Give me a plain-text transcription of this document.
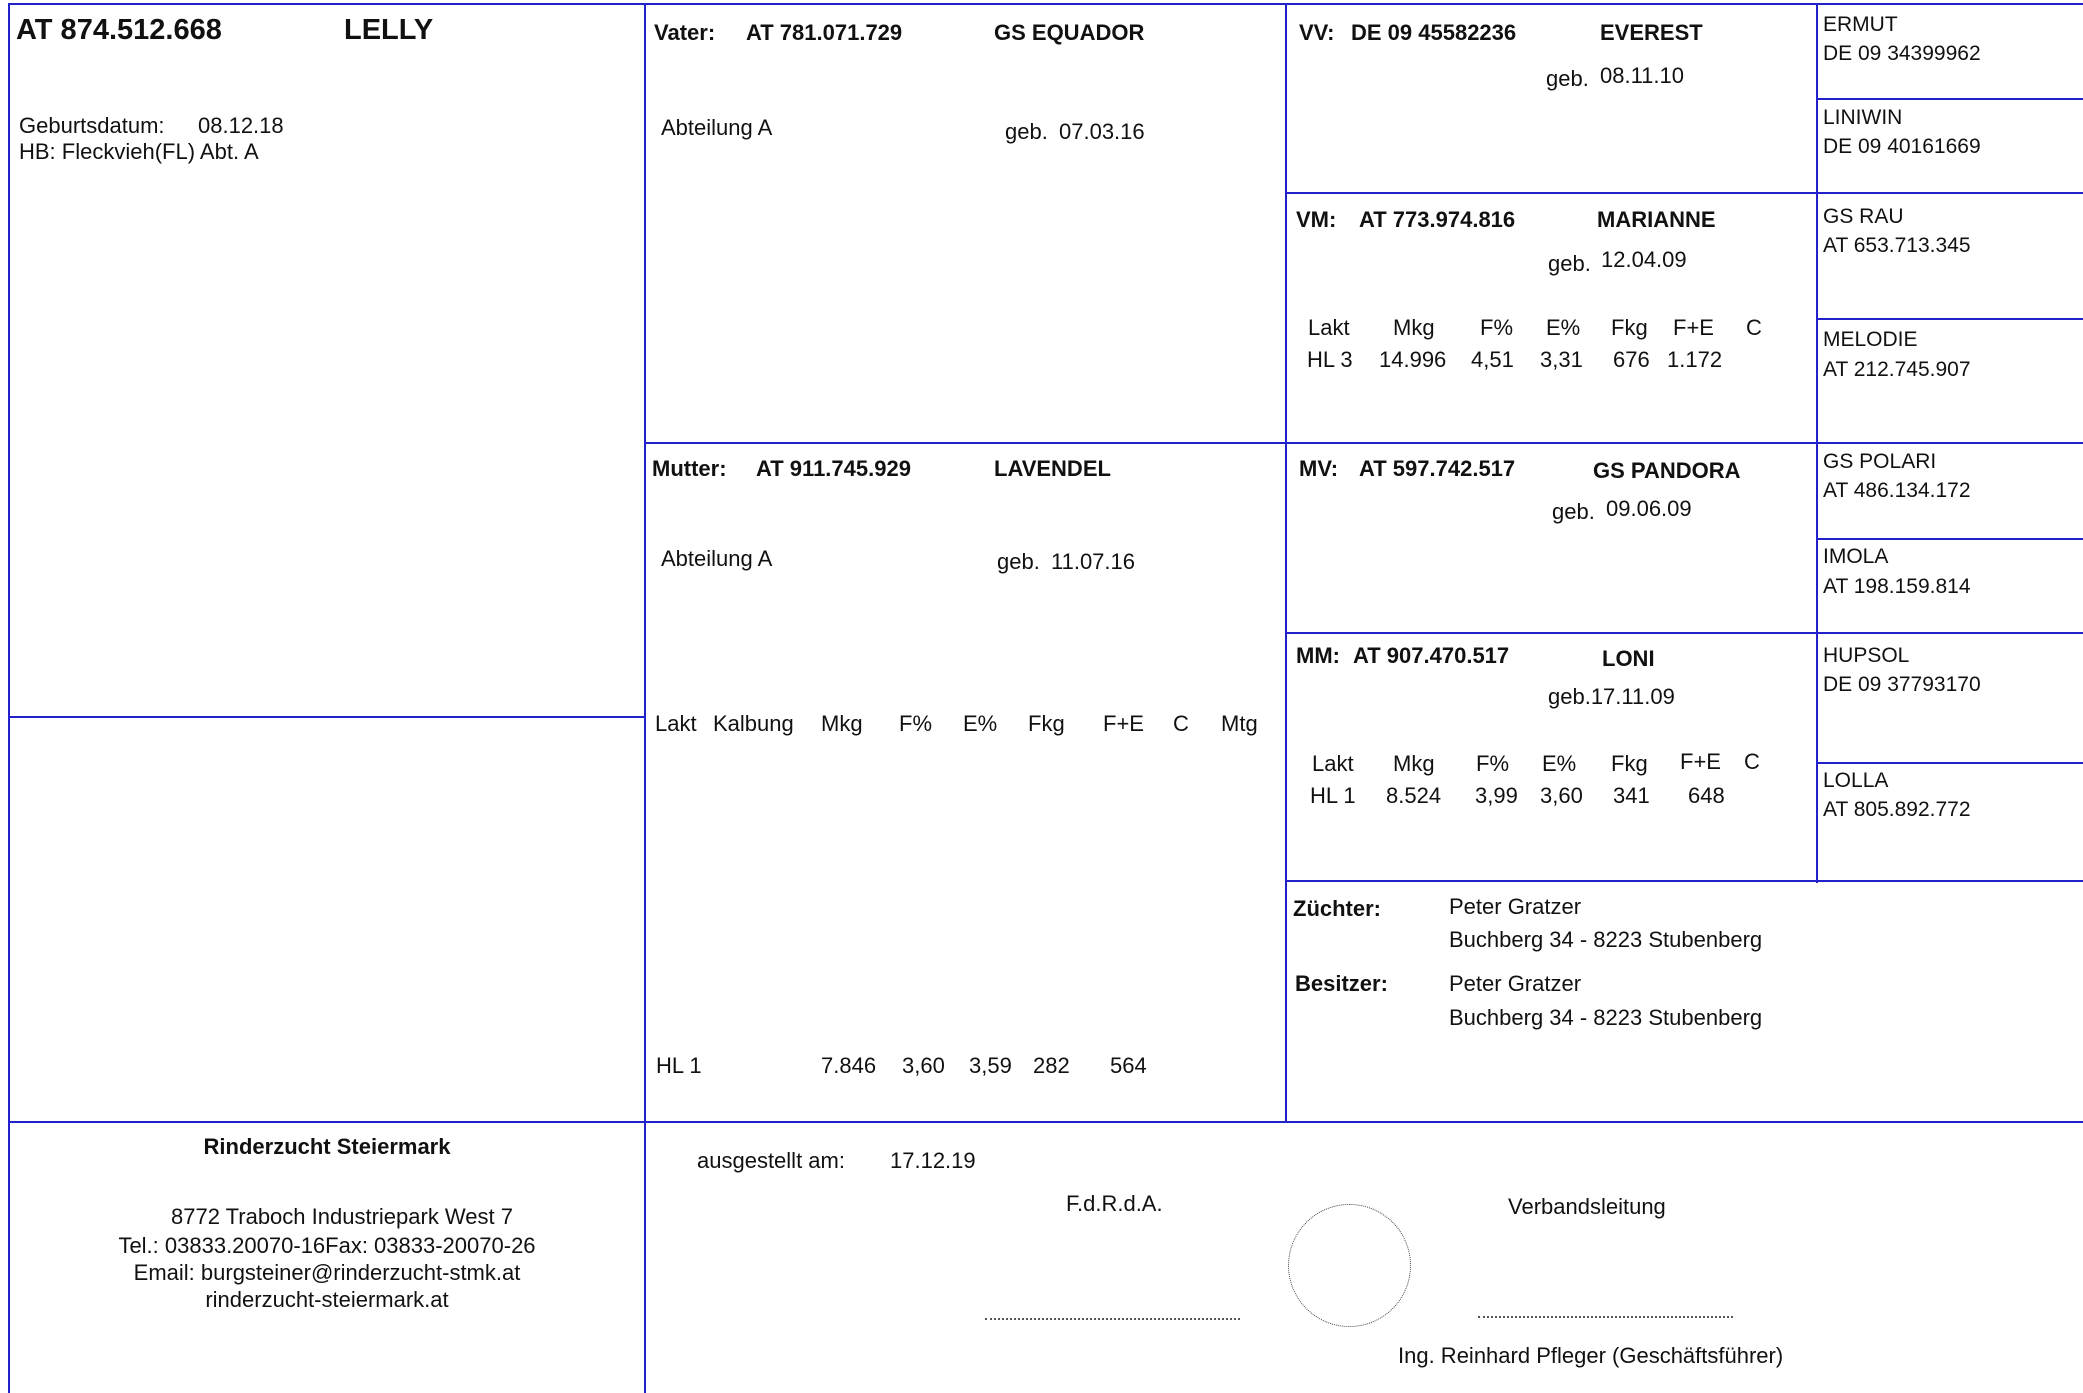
AT 874.512.668	LELLY
Geburtsdatum: 08.12.18
HB: Fleckvieh(FL) Abt. A
Vater: AT 781.071.729	GS EQUADOR
Abteilung A	geb. 07.03.16
Mutter: AT 911.745.929	LAVENDEL
Abteilung A	geb. 11.07.16
Lakt Kalbung Mkg F% E% Fkg F+E C Mtg
HL 1	7.846 3,60 3,59 282 564
VV: DE 09 45582236	EVEREST
geb. 08.11.10
VM: AT 773.974.816	MARIANNE
geb. 12.04.09
Lakt Mkg F% E% Fkg F+E C
HL 3 14.996 4,51 3,31 676 1.172
MV: AT 597.742.517	GS PANDORA
geb. 09.06.09
MM: AT 907.470.517	LONI
geb.17.11.09
Lakt Mkg F% E% Fkg F+E C
HL 1 8.524 3,99 3,60 341 648
ERMUT
DE 09 34399962
LINIWIN
DE 09 40161669
GS RAU
AT 653.713.345
MELODIE
AT 212.745.907
GS POLARI
AT 486.134.172
IMOLA
AT 198.159.814
HUPSOL
DE 09 37793170
LOLLA
AT 805.892.772
Züchter:	Peter Gratzer
Buchberg 34 - 8223 Stubenberg
Besitzer:	Peter Gratzer
Buchberg 34 - 8223 Stubenberg
Rinderzucht Steiermark
8772 Traboch Industriepark West 7
Tel.: 03833.20070-16Fax: 03833-20070-26
Email: burgsteiner@rinderzucht-stmk.at
rinderzucht-steiermark.at
ausgestellt am: 17.12.19
F.d.R.d.A.	Verbandsleitung
Ing. Reinhard Pfleger (Geschäftsführer)
